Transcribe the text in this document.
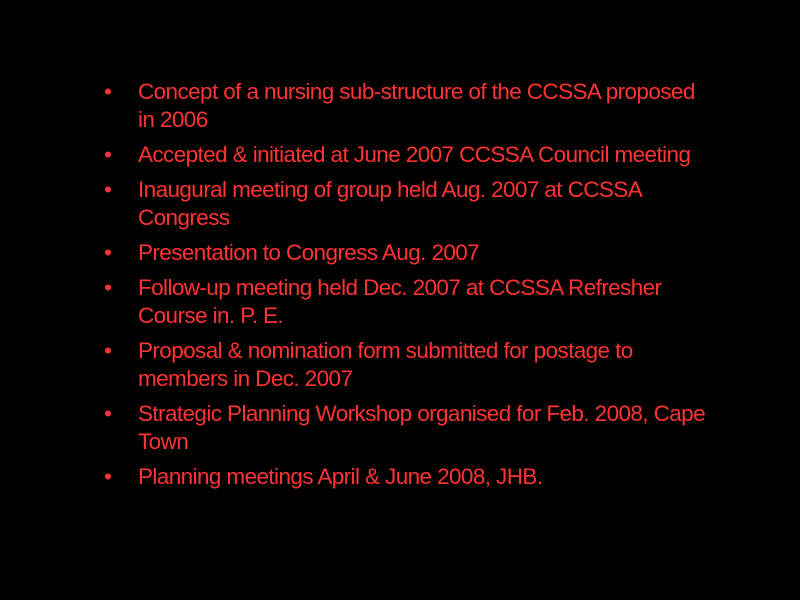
•	Concept of a nursing sub-structure of the CCSSA proposed
in 2006
•	Accepted & initiated at June 2007 CCSSA Council meeting
•	Inaugural meeting of group held Aug. 2007 at CCSSA
Congress
•	Presentation to Congress Aug. 2007
•	Follow-up meeting held Dec. 2007 at CCSSA Refresher
Course in. P. E.
•	Proposal & nomination form submitted for postage to
members in Dec. 2007
•	Strategic Planning Workshop organised for Feb. 2008, Cape
Town
•	Planning meetings April & June 2008, JHB.
